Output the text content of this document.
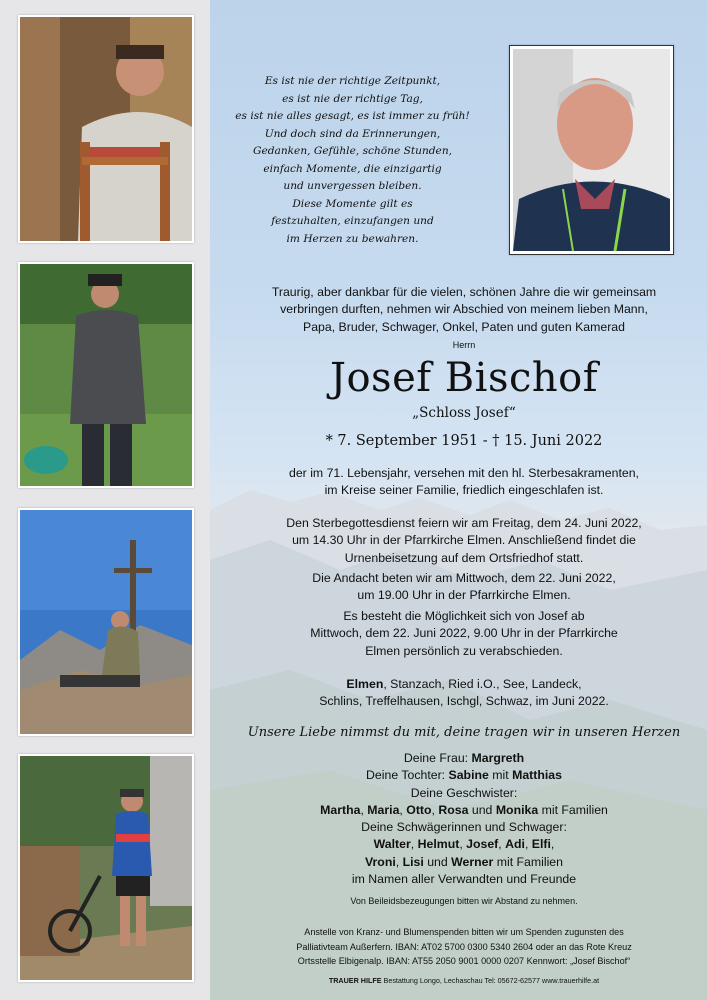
Es ist nie der richtige Zeitpunkt,
es ist nie der richtige Tag,
es ist nie alles gesagt, es ist immer zu früh!
Und doch sind da Erinnerungen,
Gedanken, Gefühle, schöne Stunden,
einfach Momente, die einzigartig
und unvergessen bleiben.
Diese Momente gilt es
festzuhalten, einzufangen und
im Herzen zu bewahren.
Traurig, aber dankbar für die vielen, schönen Jahre die wir gemeinsam
verbringen durften, nehmen wir Abschied von meinem lieben Mann,
Papa, Bruder, Schwager, Onkel, Paten und guten Kamerad
Herrn
Josef Bischof
„Schloss Josef“
* 7. September 1951 - † 15. Juni 2022
der im 71. Lebensjahr, versehen mit den hl. Sterbesakramenten,
im Kreise seiner Familie, friedlich eingeschlafen ist.
Den Sterbegottesdienst feiern wir am Freitag, dem 24. Juni 2022,
um 14.30 Uhr in der Pfarrkirche Elmen. Anschließend findet die
Urnenbeisetzung auf dem Ortsfriedhof statt.
Die Andacht beten wir am Mittwoch, dem 22. Juni 2022,
um 19.00 Uhr in der Pfarrkirche Elmen.
Es besteht die Möglichkeit sich von Josef ab
Mittwoch, dem 22. Juni 2022, 9.00 Uhr in der Pfarrkirche
Elmen persönlich zu verabschieden.
Elmen, Stanzach, Ried i.O., See, Landeck,
Schlins, Treffelhausen, Ischgl, Schwaz, im Juni 2022.
Unsere Liebe nimmst du mit, deine tragen wir in unseren Herzen
Deine Frau: Margreth
Deine Tochter: Sabine mit Matthias
Deine Geschwister:
Martha, Maria, Otto, Rosa und Monika mit Familien
Deine Schwägerinnen und Schwager:
Walter, Helmut, Josef, Adi, Elfi,
Vroni, Lisi und Werner mit Familien
im Namen aller Verwandten und Freunde
Von Beileidsbezeugungen bitten wir Abstand zu nehmen.
Anstelle von Kranz- und Blumenspenden bitten wir um Spenden zugunsten des
Palliativteam Außerfern. IBAN: AT02 5700 0300 5340 2604 oder an das Rote Kreuz
Ortsstelle Elbigenalp. IBAN: AT55 2050 9001 0000 0207 Kennwort: „Josef Bischof“
TRAUER HILFE Bestattung Longo, Lechaschau Tel: 05672-62577 www.trauerhilfe.at
